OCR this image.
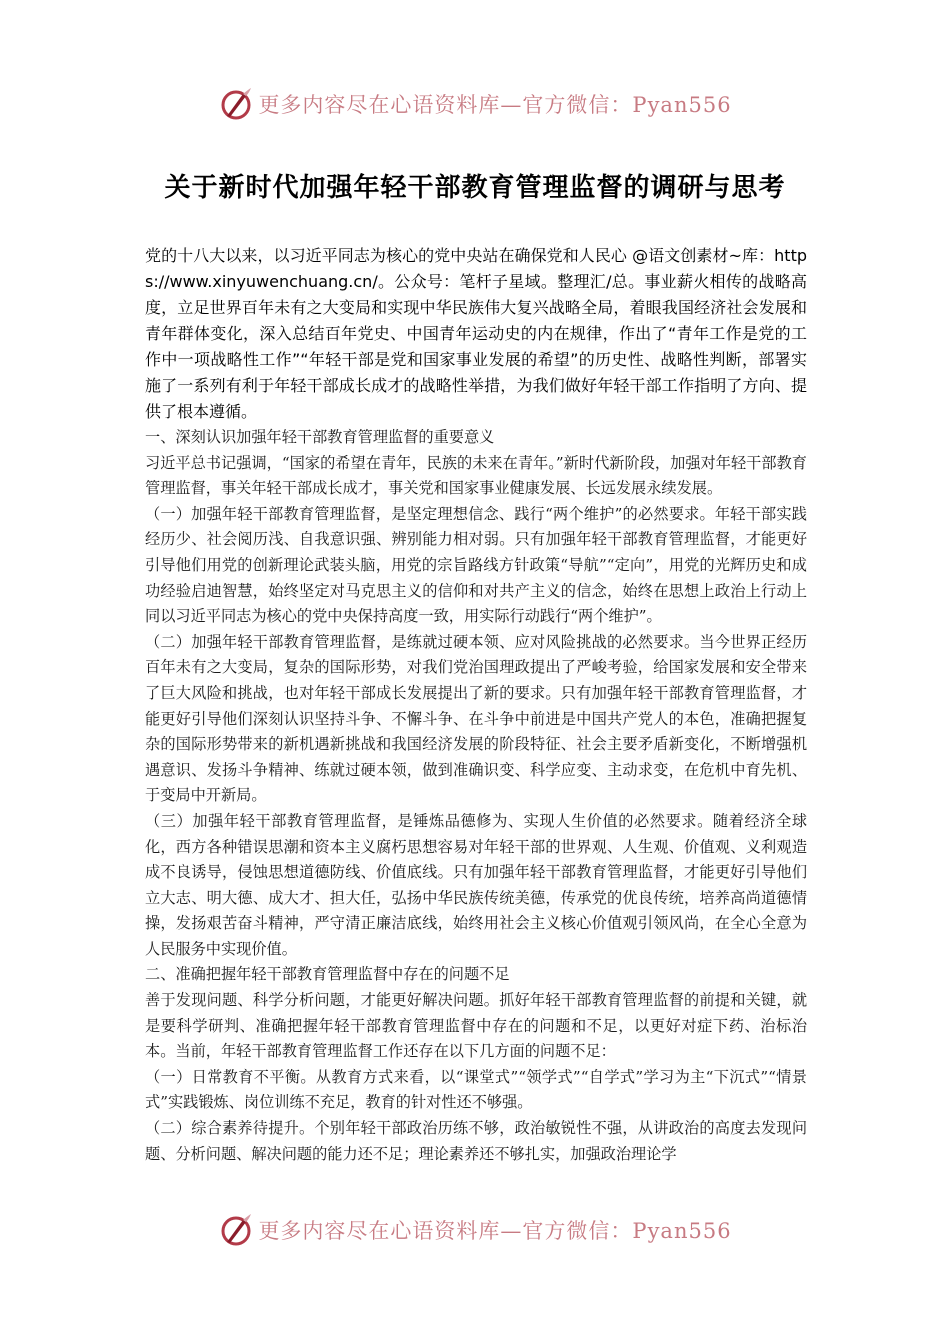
更多内容尽在心语资料库—官方微信：Pyan556
关于新时代加强年轻干部教育管理监督的调研与思考

党的十八大以来，以习近平同志为核心的党中央站在确保党和人民心 @语文创素材~库：https://www.xinyuwenchuang.cn/。公众号：笔杆子星域。整理汇/总。事业薪火相传的战略高度，立足世界百年未有之大变局和实现中华民族伟大复兴战略全局，着眼我国经济社会发展和青年群体变化，深入总结百年党史、中国青年运动史的内在规律，作出了“青年工作是党的工作中一项战略性工作”“年轻干部是党和国家事业发展的希望”的历史性、战略性判断，部署实施了一系列有利于年轻干部成长成才的战略性举措，为我们做好年轻干部工作指明了方向、提供了根本遵循。

一、深刻认识加强年轻干部教育管理监督的重要意义

习近平总书记强调，“国家的希望在青年，民族的未来在青年。”新时代新阶段，加强对年轻干部教育管理监督，事关年轻干部成长成才，事关党和国家事业健康发展、长远发展永续发展。

（一）加强年轻干部教育管理监督，是坚定理想信念、践行“两个维护”的必然要求。年轻干部实践经历少、社会阅历浅、自我意识强、辨别能力相对弱。只有加强年轻干部教育管理监督，才能更好引导他们用党的创新理论武装头脑，用党的宗旨路线方针政策“导航”“定向”，用党的光辉历史和成功经验启迪智慧，始终坚定对马克思主义的信仰和对共产主义的信念，始终在思想上政治上行动上同以习近平同志为核心的党中央保持高度一致，用实际行动践行“两个维护”。

（二）加强年轻干部教育管理监督，是练就过硬本领、应对风险挑战的必然要求。当今世界正经历百年未有之大变局，复杂的国际形势，对我们党治国理政提出了严峻考验，给国家发展和安全带来了巨大风险和挑战，也对年轻干部成长发展提出了新的要求。只有加强年轻干部教育管理监督，才能更好引导他们深刻认识坚持斗争、不懈斗争、在斗争中前进是中国共产党人的本色，准确把握复杂的国际形势带来的新机遇新挑战和我国经济发展的阶段特征、社会主要矛盾新变化，不断增强机遇意识、发扬斗争精神、练就过硬本领，做到准确识变、科学应变、主动求变，在危机中育先机、于变局中开新局。

（三）加强年轻干部教育管理监督，是锤炼品德修为、实现人生价值的必然要求。随着经济全球化，西方各种错误思潮和资本主义腐朽思想容易对年轻干部的世界观、人生观、价值观、义利观造成不良诱导，侵蚀思想道德防线、价值底线。只有加强年轻干部教育管理监督，才能更好引导他们立大志、明大德、成大才、担大任，弘扬中华民族传统美德，传承党的优良传统，培养高尚道德情操，发扬艰苦奋斗精神，严守清正廉洁底线，始终用社会主义核心价值观引领风尚，在全心全意为人民服务中实现价值。

二、准确把握年轻干部教育管理监督中存在的问题不足

善于发现问题、科学分析问题，才能更好解决问题。抓好年轻干部教育管理监督的前提和关键，就是要科学研判、准确把握年轻干部教育管理监督中存在的问题和不足，以更好对症下药、治标治本。当前，年轻干部教育管理监督工作还存在以下几方面的问题不足：

（一）日常教育不平衡。从教育方式来看，以“课堂式”“领学式”“自学式”学习为主“下沉式”“情景式”实践锻炼、岗位训练不充足，教育的针对性还不够强。

（二）综合素养待提升。个别年轻干部政治历练不够，政治敏锐性不强，从讲政治的高度去发现问题、分析问题、解决问题的能力还不足；理论素养还不够扎实，加强政治理论学

更多内容尽在心语资料库—官方微信：Pyan556
